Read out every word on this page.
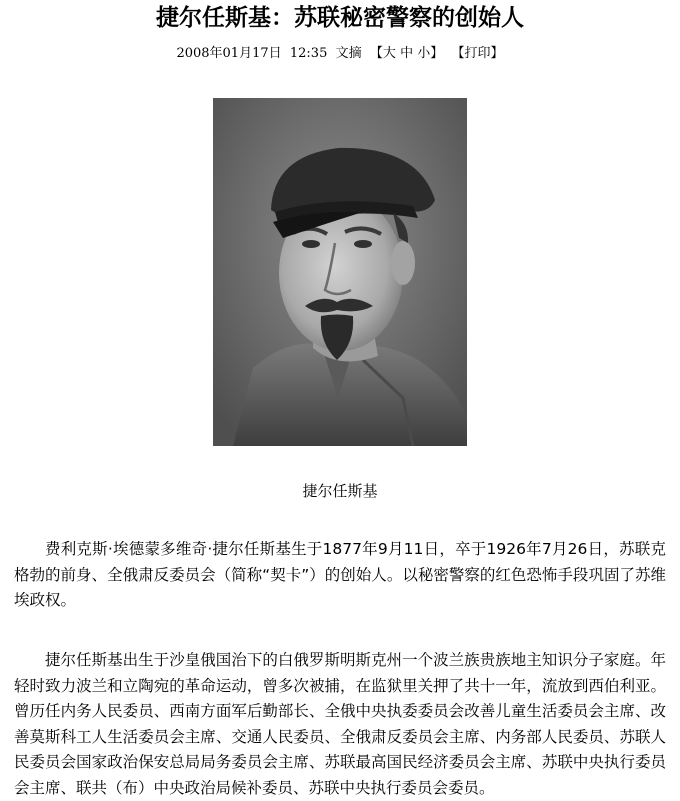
捷尔任斯基：苏联秘密警察的创始人
2008年01月17日  12:35 文摘 【大 中 小】 【打印】
捷尔任斯基

费利克斯·埃德蒙多维奇·捷尔任斯基生于1877年9月11日，卒于1926年7月26日，苏联克格勃的前身、全俄肃反委员会（简称“契卡”）的创始人。以秘密警察的红色恐怖手段巩固了苏维埃政权。

捷尔任斯基出生于沙皇俄国治下的白俄罗斯明斯克州一个波兰族贵族地主知识分子家庭。年轻时致力波兰和立陶宛的革命运动，曾多次被捕，在监狱里关押了共十一年，流放到西伯利亚。曾历任内务人民委员、西南方面军后勤部长、全俄中央执委委员会改善儿童生活委员会主席、改善莫斯科工人生活委员会主席、交通人民委员、全俄肃反委员会主席、内务部人民委员、苏联人民委员会国家政治保安总局局务委员会主席、苏联最高国民经济委员会主席、苏联中央执行委员会主席、联共（布）中央政治局候补委员、苏联中央执行委员会委员。
